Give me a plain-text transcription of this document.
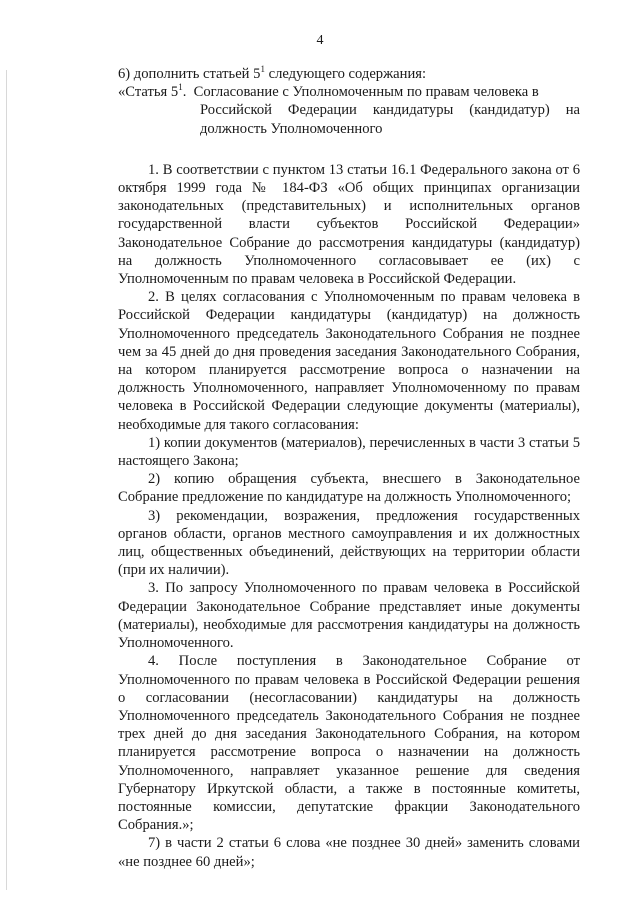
4

6) дополнить статьей $5^1$ следующего содержания:

«Статья $5^1$. Согласование с Уполномоченным по правам человека в

Российской Федерации кандидатуры (кандидатур) на

должность Уполномоченного

1. В соответствии с пунктом 13 статьи 16.1 Федерального закона от 6 октября 1999 года № 184-ФЗ «Об общих принципах организации законодательных (представительных) и исполнительных органов государственной власти субъектов Российской Федерации» Законодательное Собрание до рассмотрения кандидатуры (кандидатур) на должность Уполномоченного согласовывает ее (их) с Уполномоченным по правам человека в Российской Федерации.

2. В целях согласования с Уполномоченным по правам человека в Российской Федерации кандидатуры (кандидатур) на должность Уполномоченного председатель Законодательного Собрания не позднее чем за 45 дней до дня проведения заседания Законодательного Собрания, на котором планируется рассмотрение вопроса о назначении на должность Уполномоченного, направляет Уполномоченному по правам человека в Российской Федерации следующие документы (материалы), необходимые для такого согласования:

1) копии документов (материалов), перечисленных в части 3 статьи 5 настоящего Закона;

2) копию обращения субъекта, внесшего в Законодательное Собрание предложение по кандидатуре на должность Уполномоченного;

3) рекомендации, возражения, предложения государственных органов области, органов местного самоуправления и их должностных лиц, общественных объединений, действующих на территории области (при их наличии).

3. По запросу Уполномоченного по правам человека в Российской Федерации Законодательное Собрание представляет иные документы (материалы), необходимые для рассмотрения кандидатуры на должность Уполномоченного.

4. После поступления в Законодательное Собрание от Уполномоченного по правам человека в Российской Федерации решения о согласовании (несогласовании) кандидатуры на должность Уполномоченного председатель Законодательного Собрания не позднее трех дней до дня заседания Законодательного Собрания, на котором планируется рассмотрение вопроса о назначении на должность Уполномоченного, направляет указанное решение для сведения Губернатору Иркутской области, а также в постоянные комитеты, постоянные комиссии, депутатские фракции Законодательного Собрания.»;

7) в части 2 статьи 6 слова «не позднее 30 дней» заменить словами «не позднее 60 дней»;
